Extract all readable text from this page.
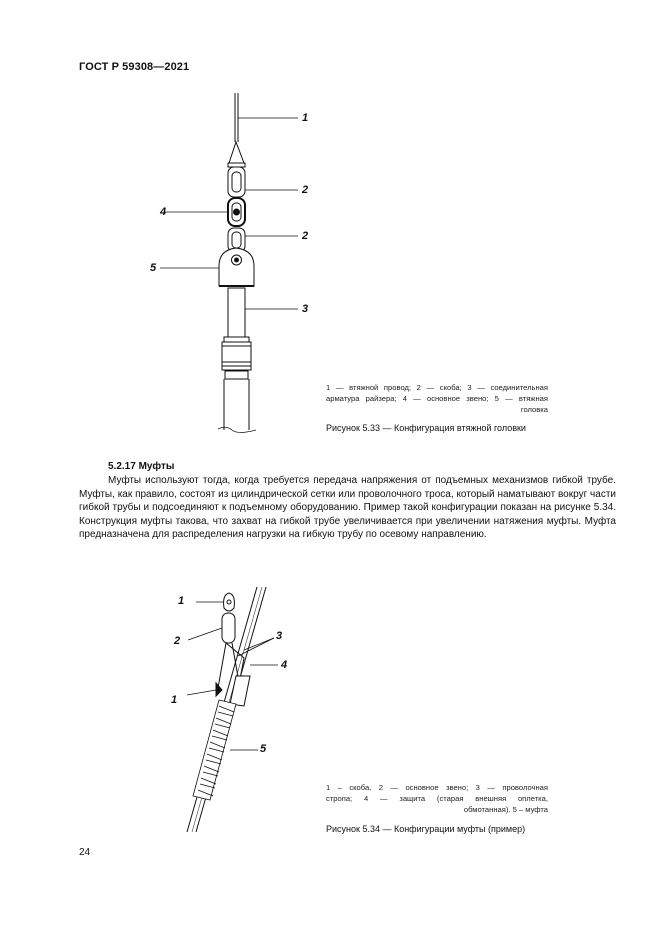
ГОСТ Р 59308—2021
1
2
4
2
5
3
1 — втяжной провод; 2 — скоба; 3 — соединительная
арматура райзера; 4 — основное звено; 5 — втяжная
головка
Рисунок 5.33 — Конфигурация втяжной головки
5.2.17 Муфты
Муфты используют тогда, когда требуется передача напряжения от подъемных механизмов гибкой трубе. Муфты, как правило, состоят из цилиндрической сетки или проволочного троса, который наматывают вокруг части гибкой трубы и подсоединяют к подъемному оборудованию. Пример такой конфигурации показан на рисунке 5.34. Конструкция муфты такова, что захват на гибкой трубе увеличивается при увеличении натяжения муфты. Муфта предназначена для распределения нагрузки на гибкую трубу по осевому направлению.
1
2	3
4
1
5
1 – скоба, 2 — основное звено; 3 — проволочная
стропа; 4 — защита (старая внешняя оплетка,
обмотанная). 5 – муфта
Рисунок 5.34 — Конфигурации муфты (пример)
24
